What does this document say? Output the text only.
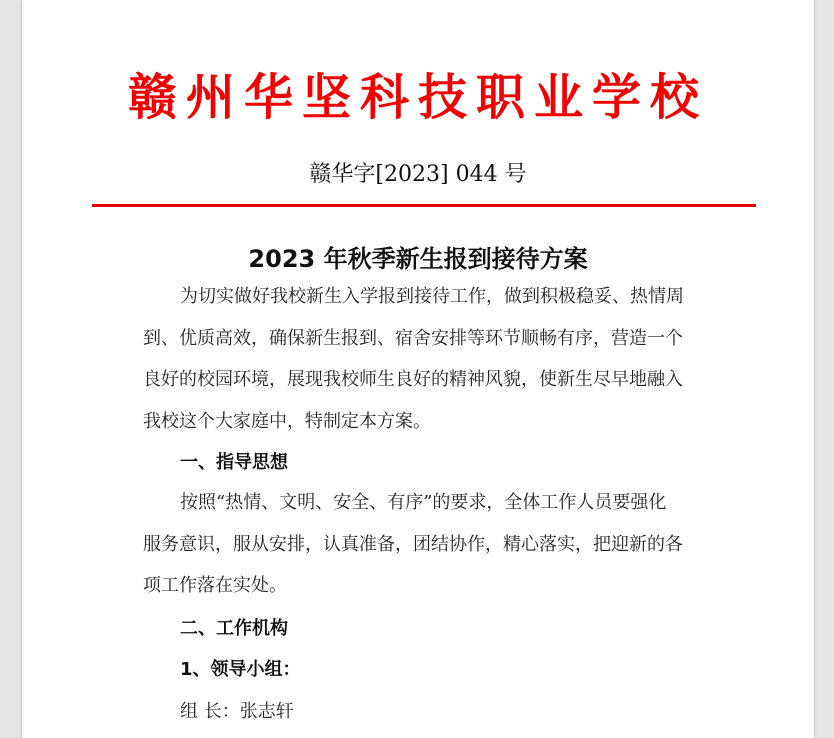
赣州华坚科技职业学校
赣华字[2023] 044 号
2023 年秋季新生报到接待方案
为切实做好我校新生入学报到接待工作，做到积极稳妥、热情周
到、优质高效，确保新生报到、宿舍安排等环节顺畅有序，营造一个
良好的校园环境，展现我校师生良好的精神风貌，使新生尽早地融入
我校这个大家庭中，特制定本方案。
一、指导思想
按照“热情、文明、安全、有序”的要求，全体工作人员要强化
服务意识，服从安排，认真准备，团结协作，精心落实，把迎新的各
项工作落在实处。
二、工作机构
1、领导小组：
组 长：张志轩
